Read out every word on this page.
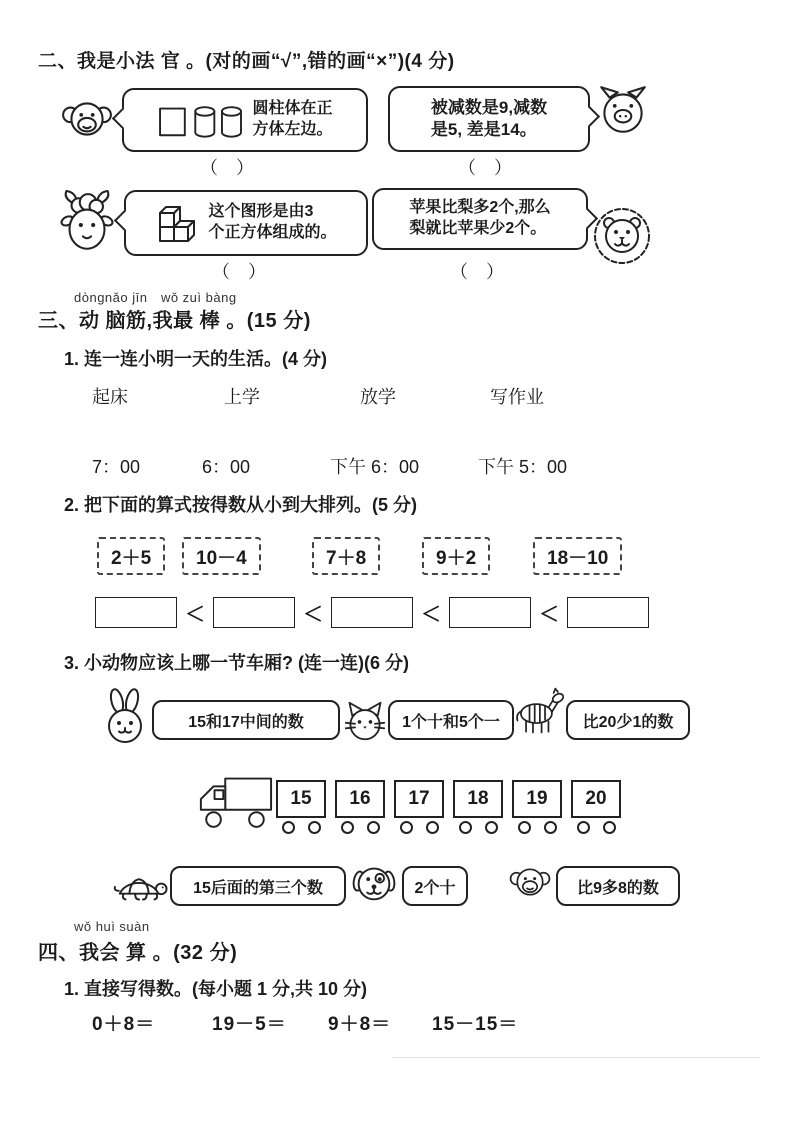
二、我是小法 官 。(对的画“√”,错的画“×”)(4 分)
圆柱体在正
方体左边。
（　）
被减数是9,减数
是5, 差是14。
（　）
这个图形是由3
个正方体组成的。
（　）
苹果比梨多2个,那么
梨就比苹果少2个。
（　）
dòngnǎo jīn　wǒ zuì bàng
三、动 脑筋,我最 棒 。(15 分)
1. 连一连小明一天的生活。(4 分)
起床	上学	放学	写作业
7：00	6：00	下午 6：00	下午 5：00
2. 把下面的算式按得数从小到大排列。(5 分)
2＋5	10－4	7＋8	9＋2	18－10
＜	＜	＜	＜
3. 小动物应该上哪一节车厢? (连一连)(6 分)
15和17中间的数	1个十和5个一	比20少1的数
15	16	17	18	19	20
15后面的第三个数	2个十	比9多8的数
wǒ huì suàn
四、我会 算 。(32 分)
1. 直接写得数。(每小题 1 分,共 10 分)
0＋8＝	19－5＝ 9＋8＝ 15－15＝
